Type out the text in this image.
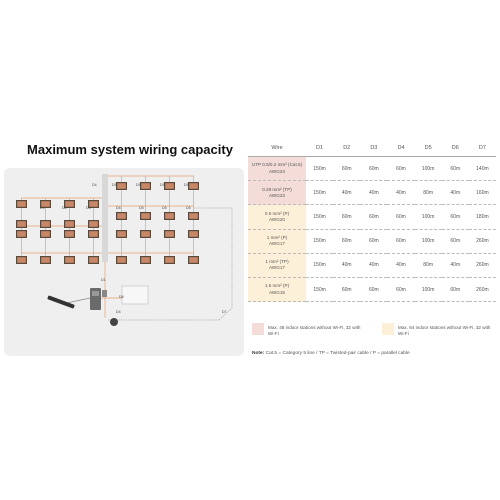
Maximum system wiring capacity
D4	D5	D5	D5	D5
D1	D2	D3	D4	D5	D5	D5
D1
D6
D4	D7
Wire	D1	D2	D3	D4	D5	D6	D7

UTP 0.5/0.2 mm² (Cat.5)
AWG24	150m	60m	60m	60m	100m	60m	140m

0.28 mm² (TP)
AWG23	150m	40m	40m	40m	80m	40m	160m

0.5 mm² (P)
AWG20	150m	60m	60m	60m	100m	60m	180m

1 mm² (P)
AWG17	150m	60m	60m	60m	100m	60m	260m

1 mm² (TP)
AWG17	150m	40m	40m	40m	80m	40m	260m

1.5 mm² (P)
AWG15	150m	60m	60m	60m	100m	60m	260m
Max. 48 indoor stations without Wi-Fi, 32 with Wi-Fi
Max. 64 indoor stations without Wi-Fi, 32 with Wi-Fi
Note: Cat.5 = Category 5 line / TP = Twisted-pair cable / P = parallel cable
